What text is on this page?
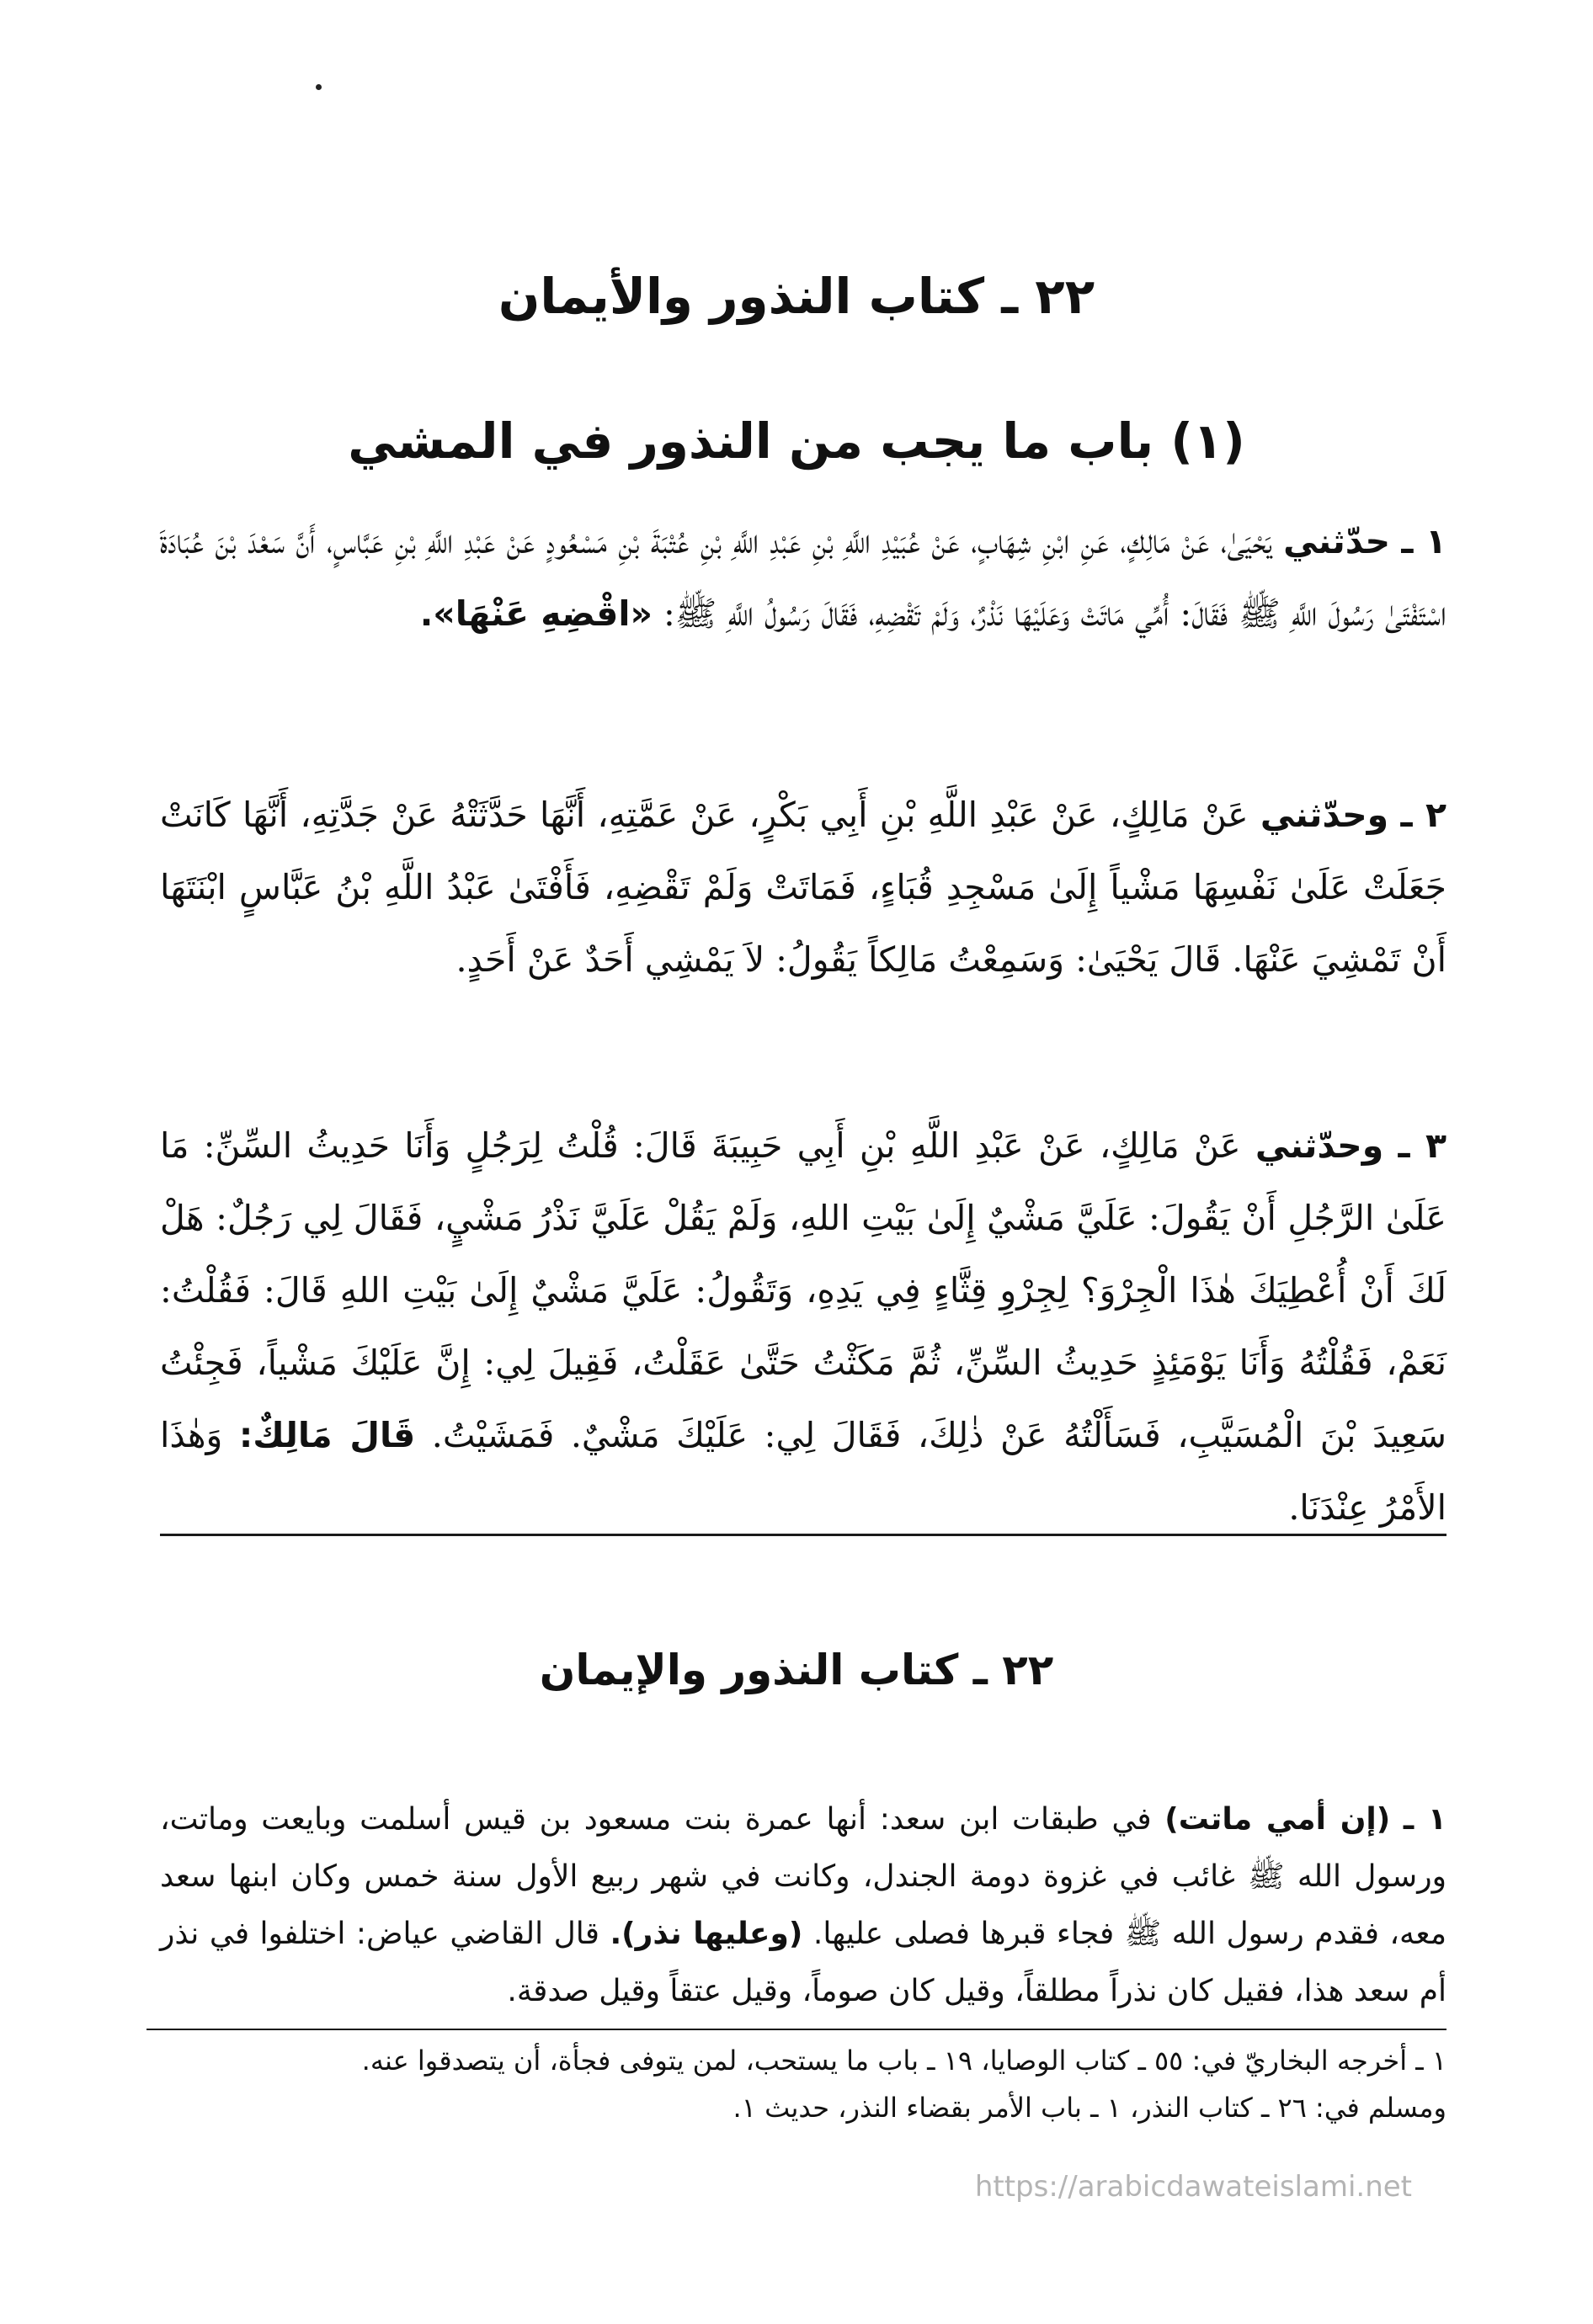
٢٢ ـ كتاب النذور والأيمان
(١) باب ما يجب من النذور في المشي
١ ـ حدّثني يَحْيَىٰ، عَنْ مَالِكٍ، عَنِ ابْنِ شِهَابٍ، عَنْ عُبَيْدِ اللَّهِ بْنِ عَبْدِ اللَّهِ بْنِ عُتْبَةَ بْنِ مَسْعُودٍ عَنْ عَبْدِ اللَّهِ بْنِ عَبَّاسٍ، أَنَّ سَعْدَ بْنَ عُبَادَةَ اسْتَفْتَىٰ رَسُولَ اللَّهِ ﷺ فَقَالَ: أُمِّي مَاتَتْ وَعَلَيْهَا نَذْرٌ، وَلَمْ تَقْضِهِ، فَقَالَ رَسُولُ اللَّهِ ﷺ: «اقْضِهِ عَنْهَا».
٢ ـ وحدّثني عَنْ مَالِكٍ، عَنْ عَبْدِ اللَّهِ بْنِ أَبِي بَكْرٍ، عَنْ عَمَّتِهِ، أَنَّهَا حَدَّثَتْهُ عَنْ جَدَّتِهِ، أَنَّهَا كَانَتْ جَعَلَتْ عَلَىٰ نَفْسِهَا مَشْياً إِلَىٰ مَسْجِدِ قُبَاءٍ، فَمَاتَتْ وَلَمْ تَقْضِهِ، فَأَفْتَىٰ عَبْدُ اللَّهِ بْنُ عَبَّاسٍ ابْنَتَهَا أَنْ تَمْشِيَ عَنْهَا. قَالَ يَحْيَىٰ: وَسَمِعْتُ مَالِكاً يَقُولُ: لاَ يَمْشِي أَحَدٌ عَنْ أَحَدٍ.
٣ ـ وحدّثني عَنْ مَالِكٍ، عَنْ عَبْدِ اللَّهِ بْنِ أَبِي حَبِيبَةَ قَالَ: قُلْتُ لِرَجُلٍ وَأَنَا حَدِيثُ السِّنِّ: مَا عَلَىٰ الرَّجُلِ أَنْ يَقُولَ: عَلَيَّ مَشْيٌ إِلَىٰ بَيْتِ اللهِ، وَلَمْ يَقُلْ عَلَيَّ نَذْرُ مَشْيٍ، فَقَالَ لِي رَجُلٌ: هَلْ لَكَ أَنْ أُعْطِيَكَ هٰذَا الْجِرْوَ؟ لِجِرْوِ قِثَّاءٍ فِي يَدِهِ، وَتَقُولُ: عَلَيَّ مَشْيٌ إِلَىٰ بَيْتِ اللهِ قَالَ: فَقُلْتُ: نَعَمْ، فَقُلْتُهُ وَأَنَا يَوْمَئِذٍ حَدِيثُ السِّنِّ، ثُمَّ مَكَثْتُ حَتَّىٰ عَقَلْتُ، فَقِيلَ لِي: إِنَّ عَلَيْكَ مَشْياً، فَجِئْتُ سَعِيدَ بْنَ الْمُسَيَّبِ، فَسَأَلْتُهُ عَنْ ذٰلِكَ، فَقَالَ لِي: عَلَيْكَ مَشْيٌ. فَمَشَيْتُ. قَالَ مَالِكٌ: وَهٰذَا الأَمْرُ عِنْدَنَا.
٢٢ ـ كتاب النذور والإيمان
١ ـ (إن أمي ماتت) في طبقات ابن سعد: أنها عمرة بنت مسعود بن قيس أسلمت وبايعت وماتت، ورسول الله ﷺ غائب في غزوة دومة الجندل، وكانت في شهر ربيع الأول سنة خمس وكان ابنها سعد معه، فقدم رسول الله ﷺ فجاء قبرها فصلى عليها. (وعليها نذر). قال القاضي عياض: اختلفوا في نذر أم سعد هذا، فقيل كان نذراً مطلقاً، وقيل كان صوماً، وقيل عتقاً وقيل صدقة.
١ ـ أخرجه البخاريّ في: ٥٥ ـ كتاب الوصايا، ١٩ ـ باب ما يستحب، لمن يتوفى فجأة، أن يتصدقوا عنه.
ومسلم في: ٢٦ ـ كتاب النذر، ١ ـ باب الأمر بقضاء النذر، حديث ١.
https://arabicdawateislami.net
